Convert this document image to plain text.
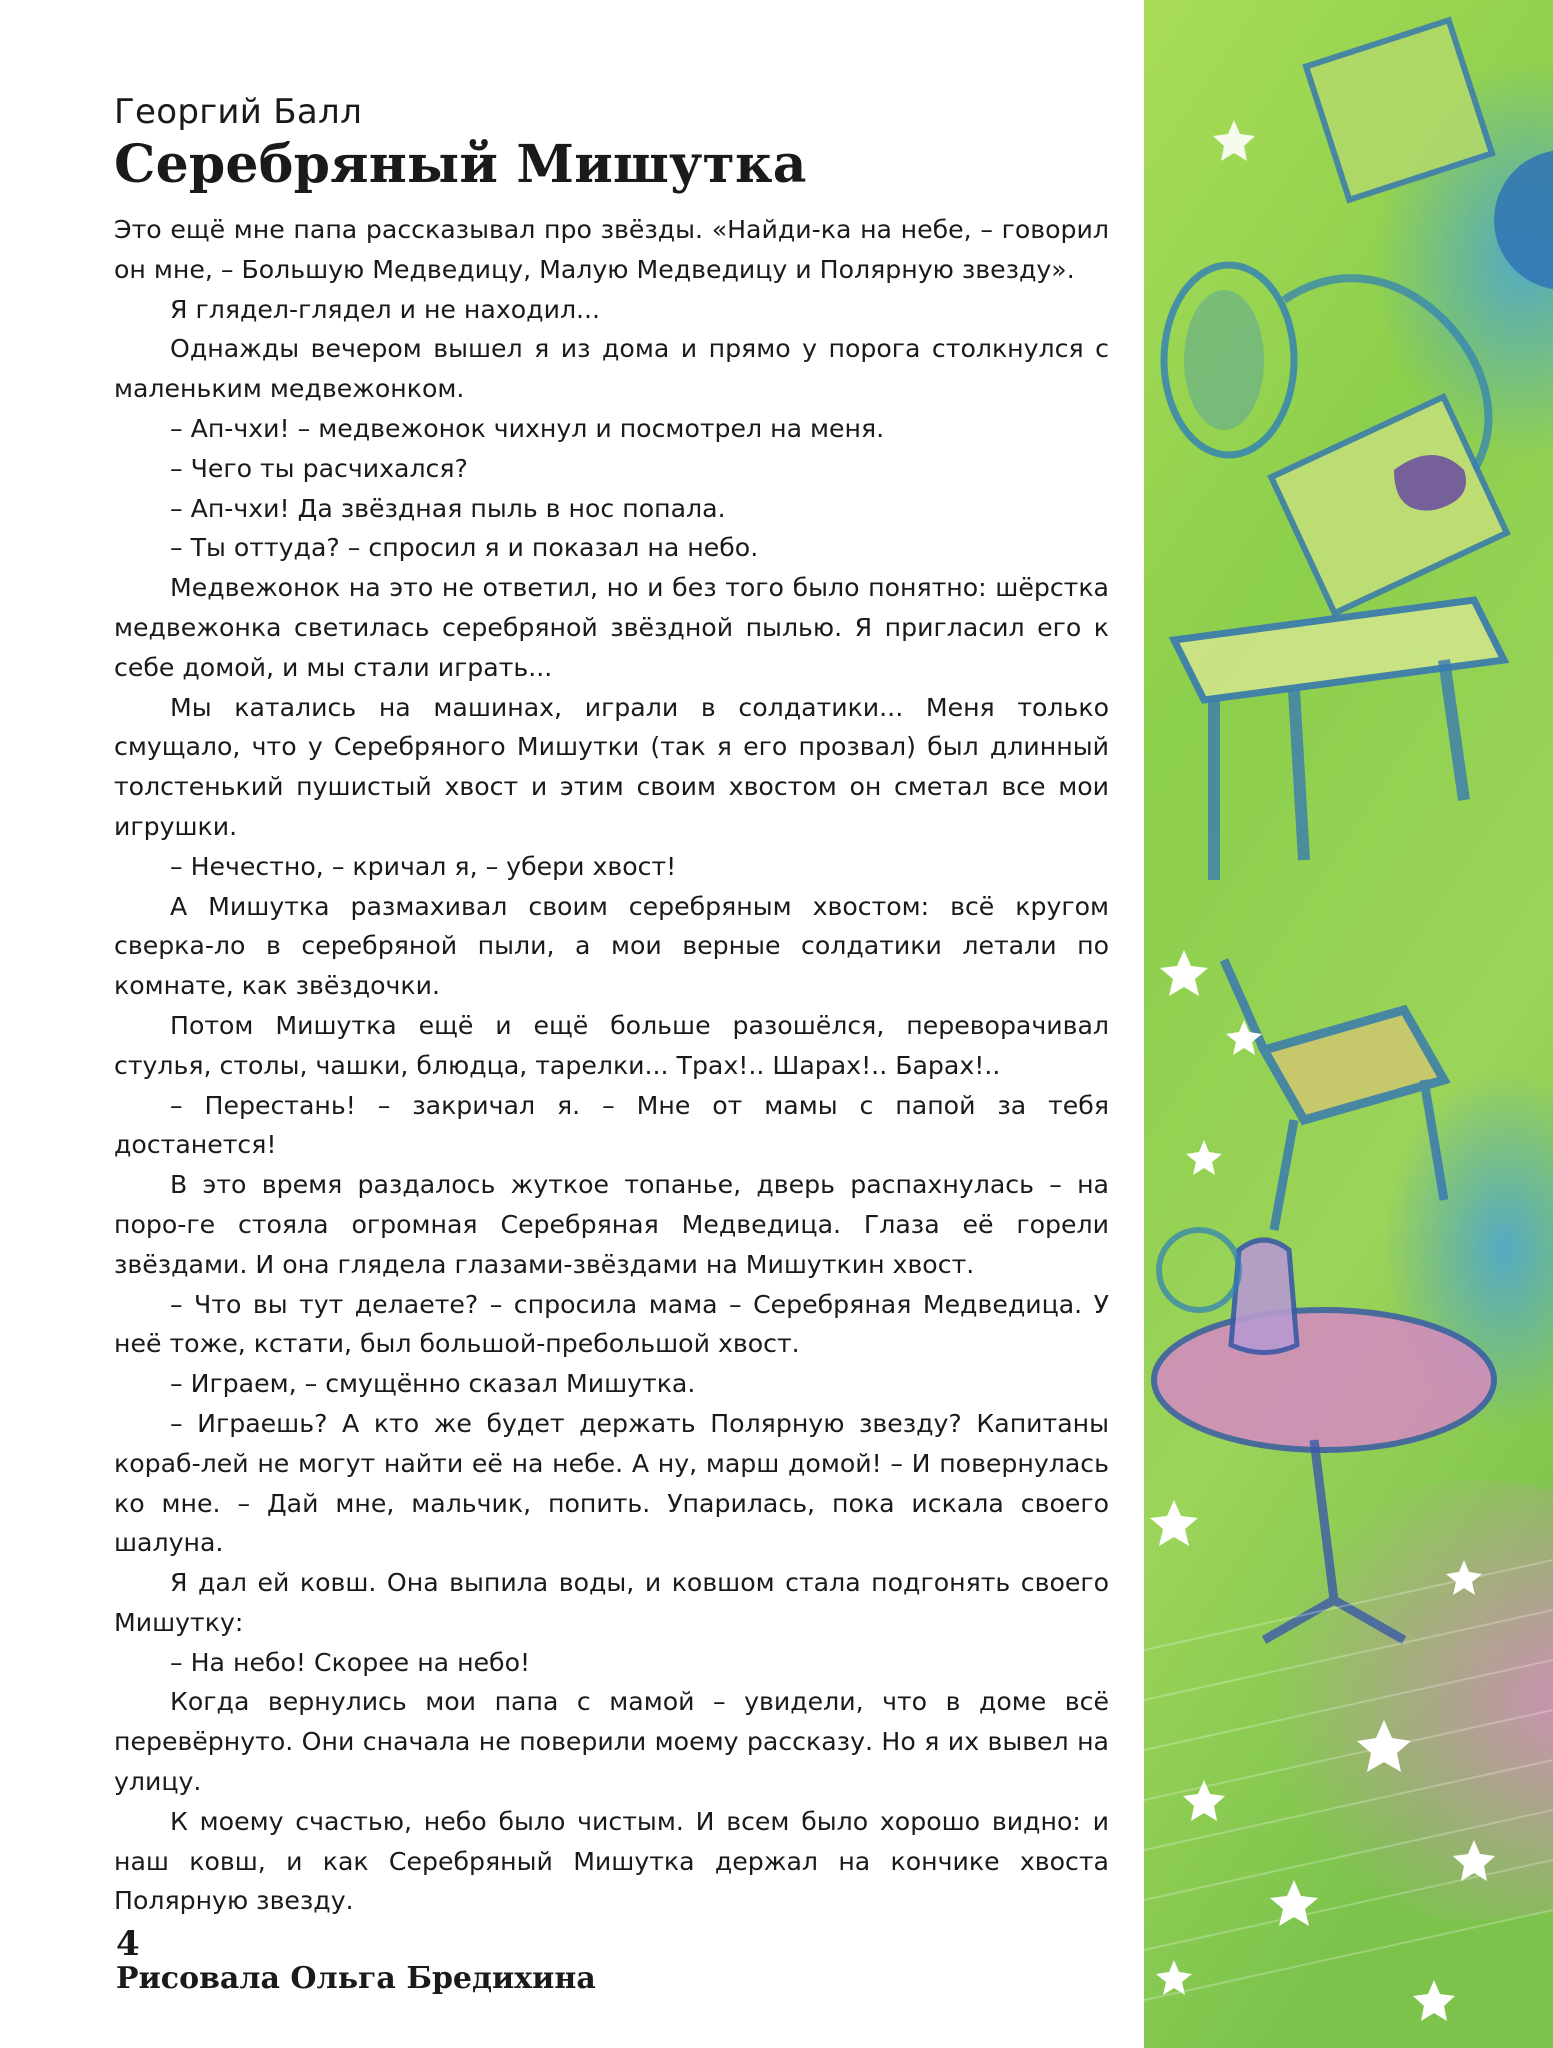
Георгий Балл

Серебряный Мишутка

Это ещё мне папа рассказывал про звёзды. «Найди-ка на небе, – говорил он мне, – Большую Медведицу, Малую Медведицу и Полярную звезду».

Я глядел-глядел и не находил...

Однажды вечером вышел я из дома и прямо у порога столкнулся с маленьким медвежонком.

– Ап-чхи! – медвежонок чихнул и посмотрел на меня.

– Чего ты расчихался?

– Ап-чхи! Да звёздная пыль в нос попала.

– Ты оттуда? – спросил я и показал на небо.

Медвежонок на это не ответил, но и без того было понятно: шёрстка медвежонка светилась серебряной звёздной пылью. Я пригласил его к себе домой, и мы стали играть...

Мы катались на машинах, играли в солдатики... Меня только смущало, что у Серебряного Мишутки (так я его прозвал) был длинный толстенький пушистый хвост и этим своим хвостом он сметал все мои игрушки.

– Нечестно, – кричал я, – убери хвост!

А Мишутка размахивал своим серебряным хвостом: всё кругом сверка-ло в серебряной пыли, а мои верные солдатики летали по комнате, как звёздочки.

Потом Мишутка ещё и ещё больше разошёлся, переворачивал стулья, столы, чашки, блюдца, тарелки... Трах!.. Шарах!.. Барах!..

– Перестань! – закричал я. – Мне от мамы с папой за тебя достанется!

В это время раздалось жуткое топанье, дверь распахнулась – на поро-ге стояла огромная Серебряная Медведица. Глаза её горели звёздами. И она глядела глазами-звёздами на Мишуткин хвост.

– Что вы тут делаете? – спросила мама – Серебряная Медведица. У неё тоже, кстати, был большой-пребольшой хвост.

– Играем, – смущённо сказал Мишутка.

– Играешь? А кто же будет держать Полярную звезду? Капитаны кораб-лей не могут найти её на небе. А ну, марш домой! – И повернулась ко мне. – Дай мне, мальчик, попить. Упарилась, пока искала своего шалуна.

Я дал ей ковш. Она выпила воды, и ковшом стала подгонять своего Мишутку:

– На небо! Скорее на небо!

Когда вернулись мои папа с мамой – увидели, что в доме всё перевёрнуто. Они сначала не поверили моему рассказу. Но я их вывел на улицу.

К моему счастью, небо было чистым. И всем было хорошо видно: и наш ковш, и как Серебряный Мишутка держал на кончике хвоста Полярную звезду.

Рисовала Ольга Бредихина
4
